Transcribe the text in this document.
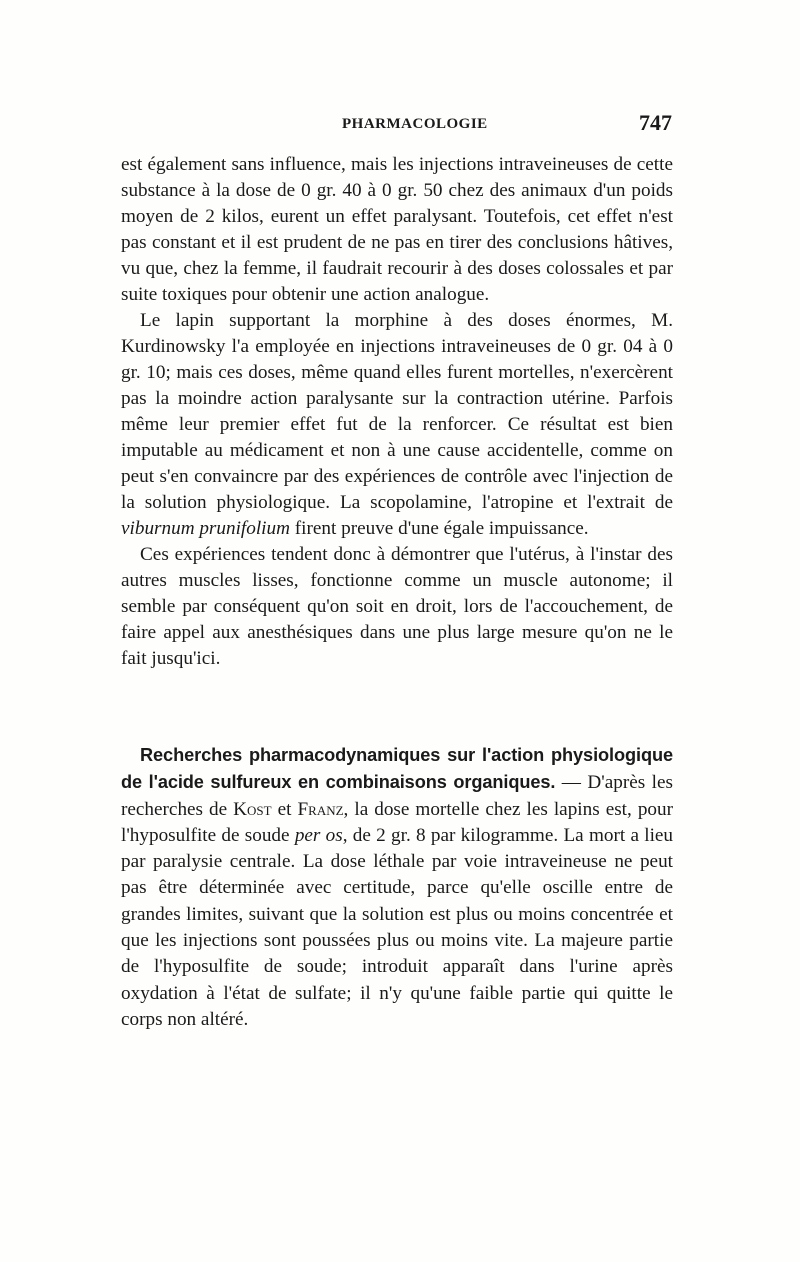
PHARMACOLOGIE	747

est également sans influence, mais les injections intraveineuses de cette substance à la dose de 0 gr. 40 à 0 gr. 50 chez des animaux d'un poids moyen de 2 kilos, eurent un effet paralysant. Toutefois, cet effet n'est pas constant et il est prudent de ne pas en tirer des conclusions hâtives, vu que, chez la femme, il faudrait recourir à des doses colossales et par suite toxiques pour obtenir une action analogue.

Le lapin supportant la morphine à des doses énormes, M. Kurdinowsky l'a employée en injections intraveineuses de 0 gr. 04 à 0 gr. 10; mais ces doses, même quand elles furent mortelles, n'exercèrent pas la moindre action paralysante sur la contraction utérine. Parfois même leur premier effet fut de la renforcer. Ce résultat est bien imputable au médicament et non à une cause accidentelle, comme on peut s'en convaincre par des expériences de contrôle avec l'injection de la solution physiologique. La scopolamine, l'atropine et l'extrait de viburnum prunifolium firent preuve d'une égale impuissance.

Ces expériences tendent donc à démontrer que l'utérus, à l'instar des autres muscles lisses, fonctionne comme un muscle autonome; il semble par conséquent qu'on soit en droit, lors de l'accouchement, de faire appel aux anesthésiques dans une plus large mesure qu'on ne le fait jusqu'ici.

Recherches pharmacodynamiques sur l'action physiologique de l'acide sulfureux en combinaisons organiques. — D'après les recherches de Kost et Franz, la dose mortelle chez les lapins est, pour l'hyposulfite de soude per os, de 2 gr. 8 par kilogramme. La mort a lieu par paralysie centrale. La dose léthale par voie intraveineuse ne peut pas être déterminée avec certitude, parce qu'elle oscille entre de grandes limites, suivant que la solution est plus ou moins concentrée et que les injections sont poussées plus ou moins vite. La majeure partie de l'hyposulfite de soude; introduit apparaît dans l'urine après oxydation à l'état de sulfate; il n'y qu'une faible partie qui quitte le corps non altéré.
